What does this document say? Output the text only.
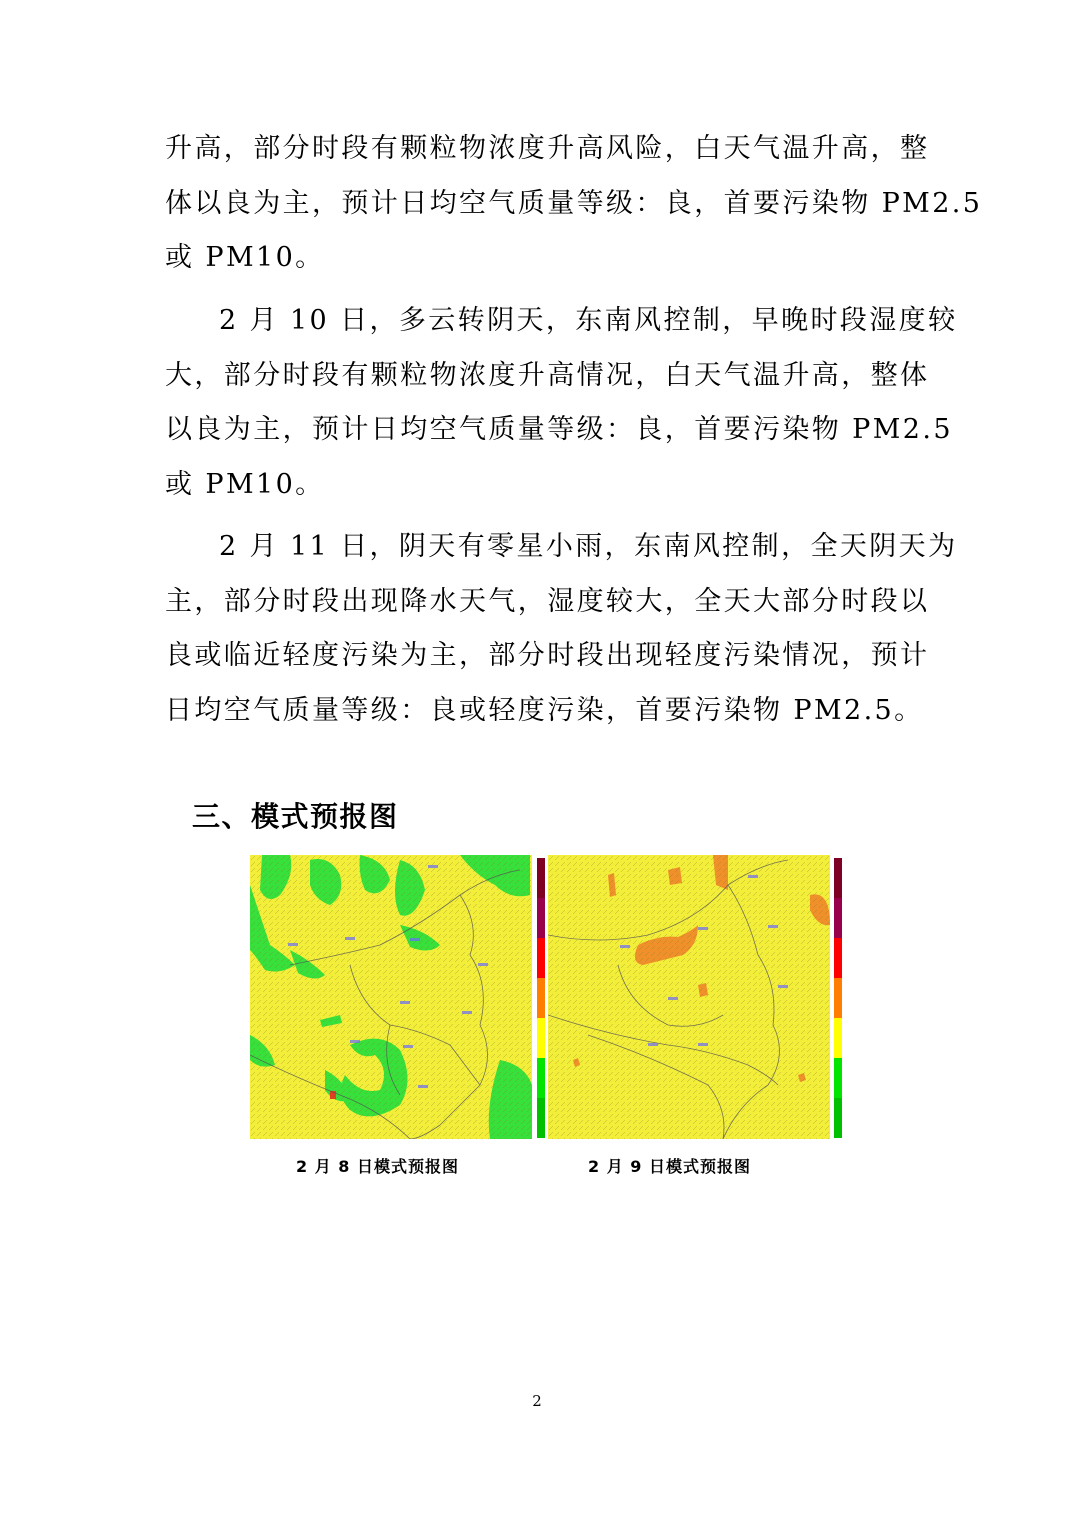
升高，部分时段有颗粒物浓度升高风险，白天气温升高，整
体以良为主，预计日均空气质量等级：良，首要污染物 PM2.5
或 PM10。

2 月 10 日，多云转阴天，东南风控制，早晚时段湿度较
大，部分时段有颗粒物浓度升高情况，白天气温升高，整体
以良为主，预计日均空气质量等级：良，首要污染物 PM2.5
或 PM10。

2 月 11 日，阴天有零星小雨，东南风控制，全天阴天为
主，部分时段出现降水天气，湿度较大，全天大部分时段以
良或临近轻度污染为主，部分时段出现轻度污染情况，预计
日均空气质量等级：良或轻度污染，首要污染物 PM2.5。

三、模式预报图
2 月 8 日模式预报图	2 月 9 日模式预报图
2
